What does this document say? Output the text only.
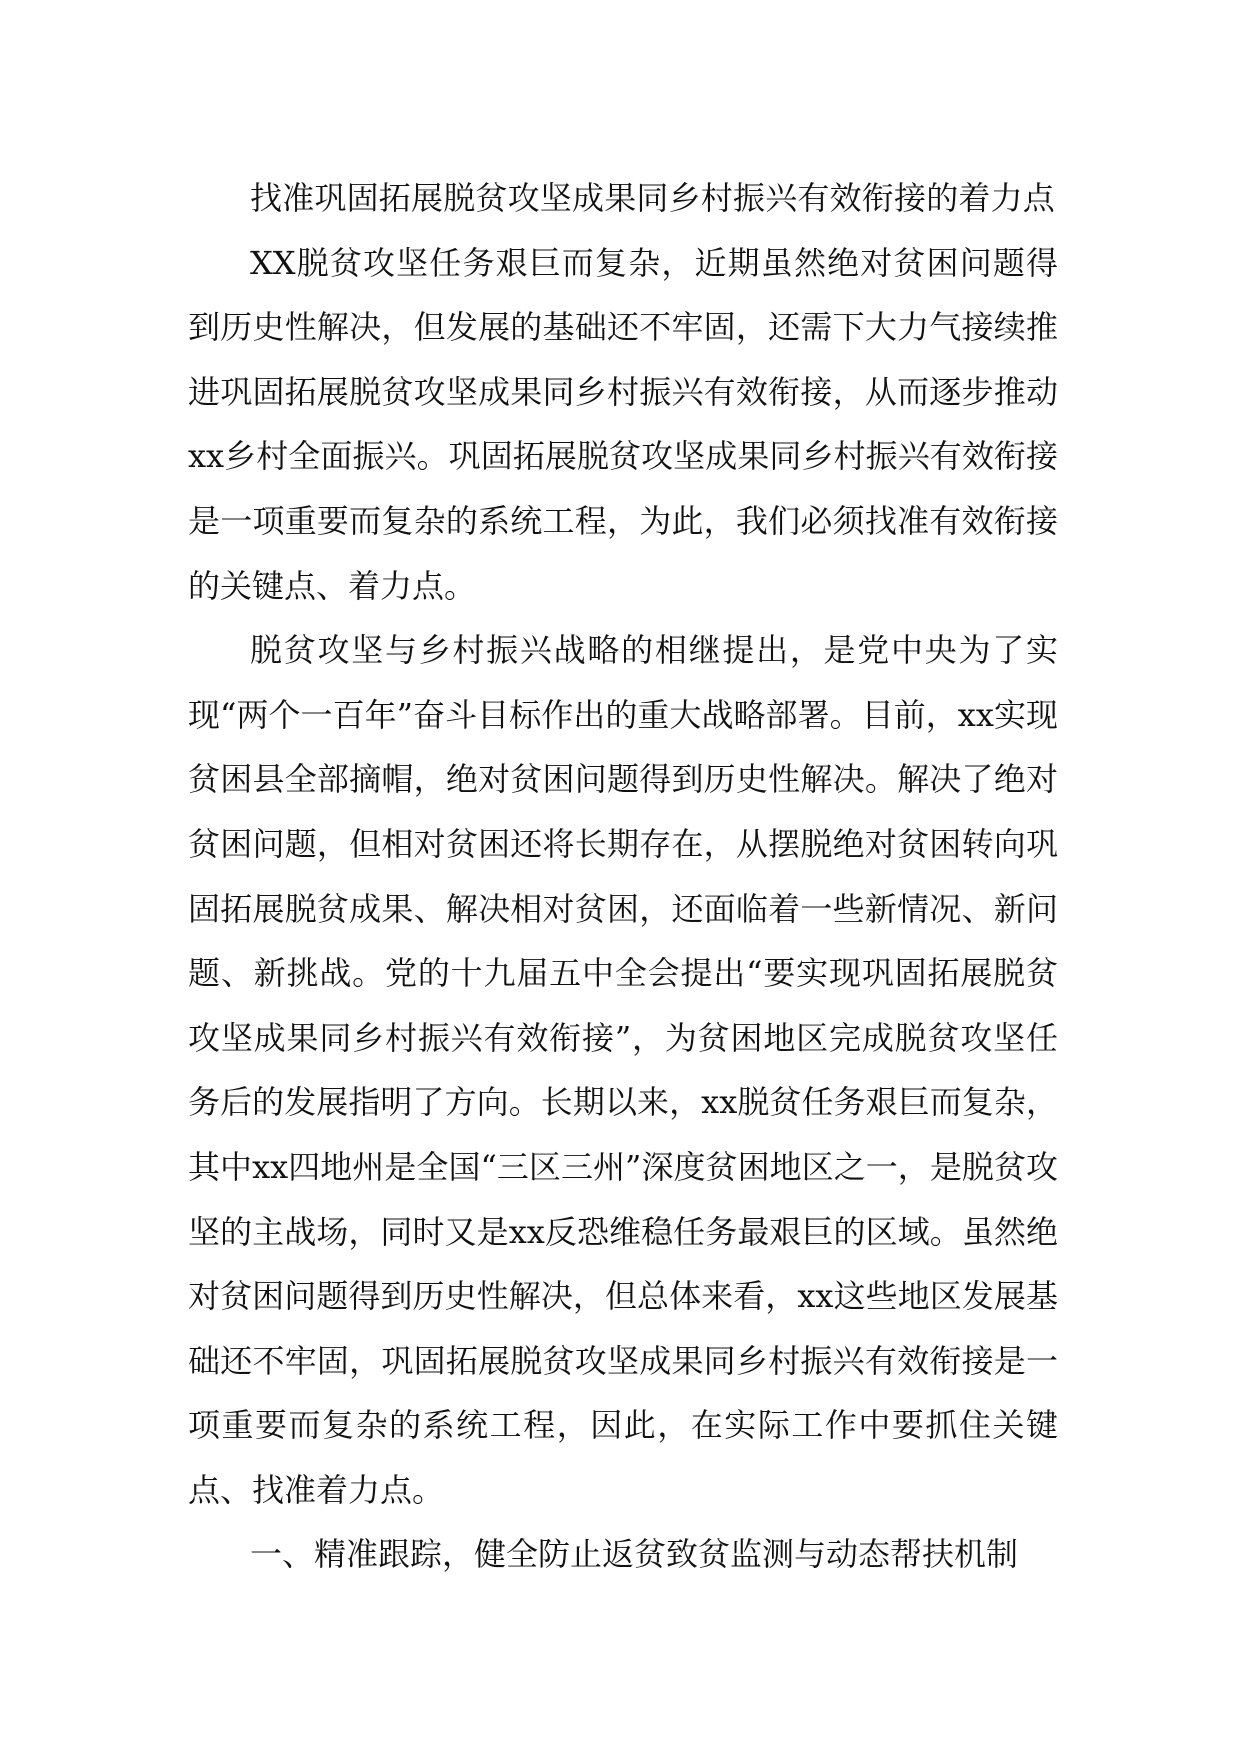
找准巩固拓展脱贫攻坚成果同乡村振兴有效衔接的着力点

XX脱贫攻坚任务艰巨而复杂，近期虽然绝对贫困问题得到历史性解决，但发展的基础还不牢固，还需下大力气接续推进巩固拓展脱贫攻坚成果同乡村振兴有效衔接，从而逐步推动xx乡村全面振兴。巩固拓展脱贫攻坚成果同乡村振兴有效衔接是一项重要而复杂的系统工程，为此，我们必须找准有效衔接的关键点、着力点。

脱贫攻坚与乡村振兴战略的相继提出，是党中央为了实现“两个一百年”奋斗目标作出的重大战略部署。目前，xx实现贫困县全部摘帽，绝对贫困问题得到历史性解决。解决了绝对贫困问题，但相对贫困还将长期存在，从摆脱绝对贫困转向巩固拓展脱贫成果、解决相对贫困，还面临着一些新情况、新问题、新挑战。党的十九届五中全会提出“要实现巩固拓展脱贫攻坚成果同乡村振兴有效衔接”，为贫困地区完成脱贫攻坚任务后的发展指明了方向。长期以来，xx脱贫任务艰巨而复杂，其中xx四地州是全国“三区三州”深度贫困地区之一，是脱贫攻坚的主战场，同时又是xx反恐维稳任务最艰巨的区域。虽然绝对贫困问题得到历史性解决，但总体来看，xx这些地区发展基础还不牢固，巩固拓展脱贫攻坚成果同乡村振兴有效衔接是一项重要而复杂的系统工程，因此，在实际工作中要抓住关键点、找准着力点。

一、精准跟踪，健全防止返贫致贫监测与动态帮扶机制
